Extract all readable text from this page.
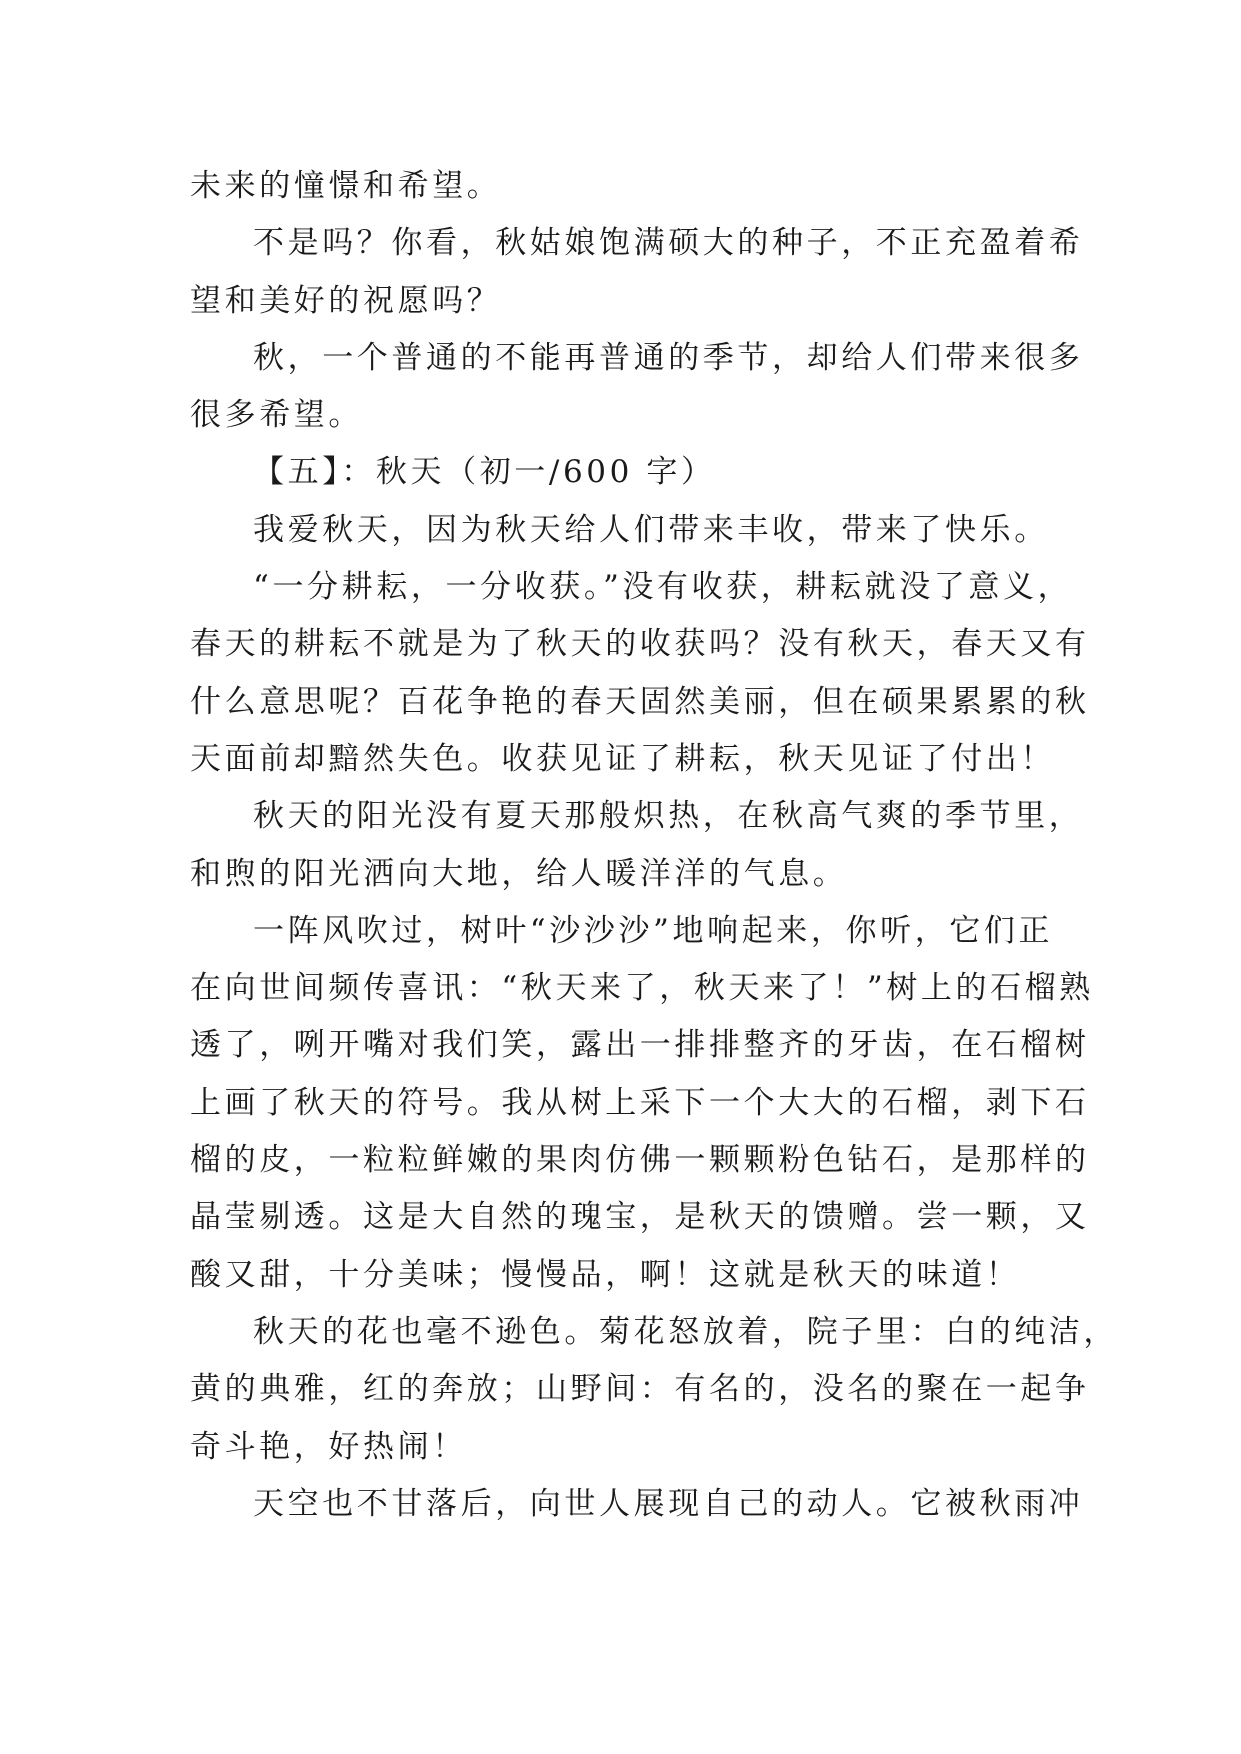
未来的憧憬和希望。
不是吗？你看，秋姑娘饱满硕大的种子，不正充盈着希
望和美好的祝愿吗？
秋，一个普通的不能再普通的季节，却给人们带来很多
很多希望。
【五】：秋天（初一/600 字）
我爱秋天，因为秋天给人们带来丰收，带来了快乐。
“一分耕耘，一分收获。”没有收获，耕耘就没了意义，
春天的耕耘不就是为了秋天的收获吗？没有秋天，春天又有
什么意思呢？百花争艳的春天固然美丽，但在硕果累累的秋
天面前却黯然失色。收获见证了耕耘，秋天见证了付出！
秋天的阳光没有夏天那般炽热，在秋高气爽的季节里，
和煦的阳光洒向大地，给人暖洋洋的气息。
一阵风吹过，树叶“沙沙沙”地响起来，你听，它们正
在向世间频传喜讯：“秋天来了，秋天来了！”树上的石榴熟
透了，咧开嘴对我们笑，露出一排排整齐的牙齿，在石榴树
上画了秋天的符号。我从树上采下一个大大的石榴，剥下石
榴的皮，一粒粒鲜嫩的果肉仿佛一颗颗粉色钻石，是那样的
晶莹剔透。这是大自然的瑰宝，是秋天的馈赠。尝一颗，又
酸又甜，十分美味；慢慢品，啊！这就是秋天的味道！
秋天的花也毫不逊色。菊花怒放着，院子里：白的纯洁，
黄的典雅，红的奔放；山野间：有名的，没名的聚在一起争
奇斗艳，好热闹！
天空也不甘落后，向世人展现自己的动人。它被秋雨冲
